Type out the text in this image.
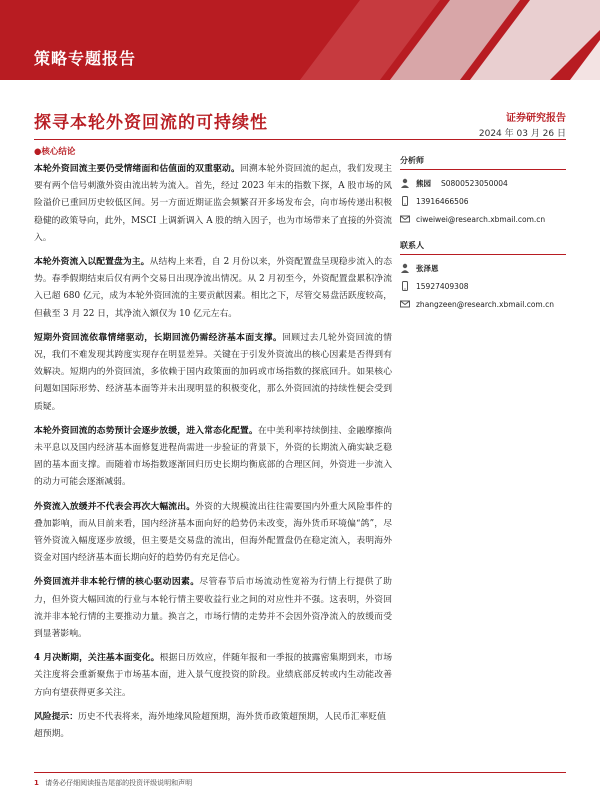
策略专题报告
探寻本轮外资回流的可持续性	证券研究报告
2024 年 03 月 26 日
●核心结论

本轮外资回流主要仍受情绪面和估值面的双重驱动。回溯本轮外资回流的起点，我们发现主要有两个信号刺激外资由流出转为流入。首先，经过 2023 年末的指数下探，A 股市场的风险溢价已重回历史较低区间。另一方面近期证监会频繁召开多场发布会，向市场传递出积极稳健的政策导向，此外，MSCI 上调新调入 A 股的纳入因子，也为市场带来了直接的外资流入。

本轮外资流入以配置盘为主。从结构上来看，自 2 月份以来，外资配置盘呈现稳步流入的态势。春季假期结束后仅有两个交易日出现净流出情况。从 2 月初至今，外资配置盘累积净流入已超 680 亿元，成为本轮外资回流的主要贡献因素。相比之下，尽管交易盘活跃度较高，但截至 3 月 22 日，其净流入额仅为 10 亿元左右。

短期外资回流依靠情绪驱动，长期回流仍需经济基本面支撑。回顾过去几轮外资回流的情况，我们不难发现其跨度实现存在明显差异。关键在于引发外资流出的核心因素是否得到有效解决。短期内的外资回流，多依赖于国内政策面的加码或市场指数的探底回升。如果核心问题如国际形势、经济基本面等并未出现明显的积极变化，那么外资回流的持续性便会受到质疑。

本轮外资回流的态势预计会逐步放缓，进入常态化配置。在中美利率持续倒挂、金融摩擦尚未平息以及国内经济基本面修复进程尚需进一步验证的背景下，外资的长期流入确实缺乏稳固的基本面支撑。而随着市场指数逐渐回归历史长期均衡底部的合理区间，外资进一步流入的动力可能会逐渐减弱。

外资流入放缓并不代表会再次大幅流出。外资的大规模流出往往需要国内外重大风险事件的叠加影响，而从目前来看，国内经济基本面向好的趋势仍未改变，海外货币环境偏“鸽”，尽管外资流入幅度逐步放缓，但主要是交易盘的流出，但海外配置盘仍在稳定流入，表明海外资金对国内经济基本面长期向好的趋势仍有充足信心。

外资回流并非本轮行情的核心驱动因素。尽管春节后市场流动性宽裕为行情上行提供了助力，但外资大幅回流的行业与本轮行情主要收益行业之间的对应性并不强。这表明，外资回流并非本轮行情的主要推动力量。换言之，市场行情的走势并不会因外资净流入的放缓而受到显著影响。

4 月决断期，关注基本面变化。根据日历效应，伴随年报和一季报的披露密集期到来，市场关注度将会重新聚焦于市场基本面，进入景气度投资的阶段。业绩底部反转或内生动能改善方向有望获得更多关注。

风险提示：历史不代表将来，海外地缘风险超预期，海外货币政策超预期，人民币汇率贬值超预期。

分析师
熊园 S0800523050004
13916466506
ciweiwei@research.xbmail.com.cn
联系人
张泽恩
15927409308
zhangzeen@research.xbmail.com.cn
1 请务必仔细阅读报告尾部的投资评级说明和声明
